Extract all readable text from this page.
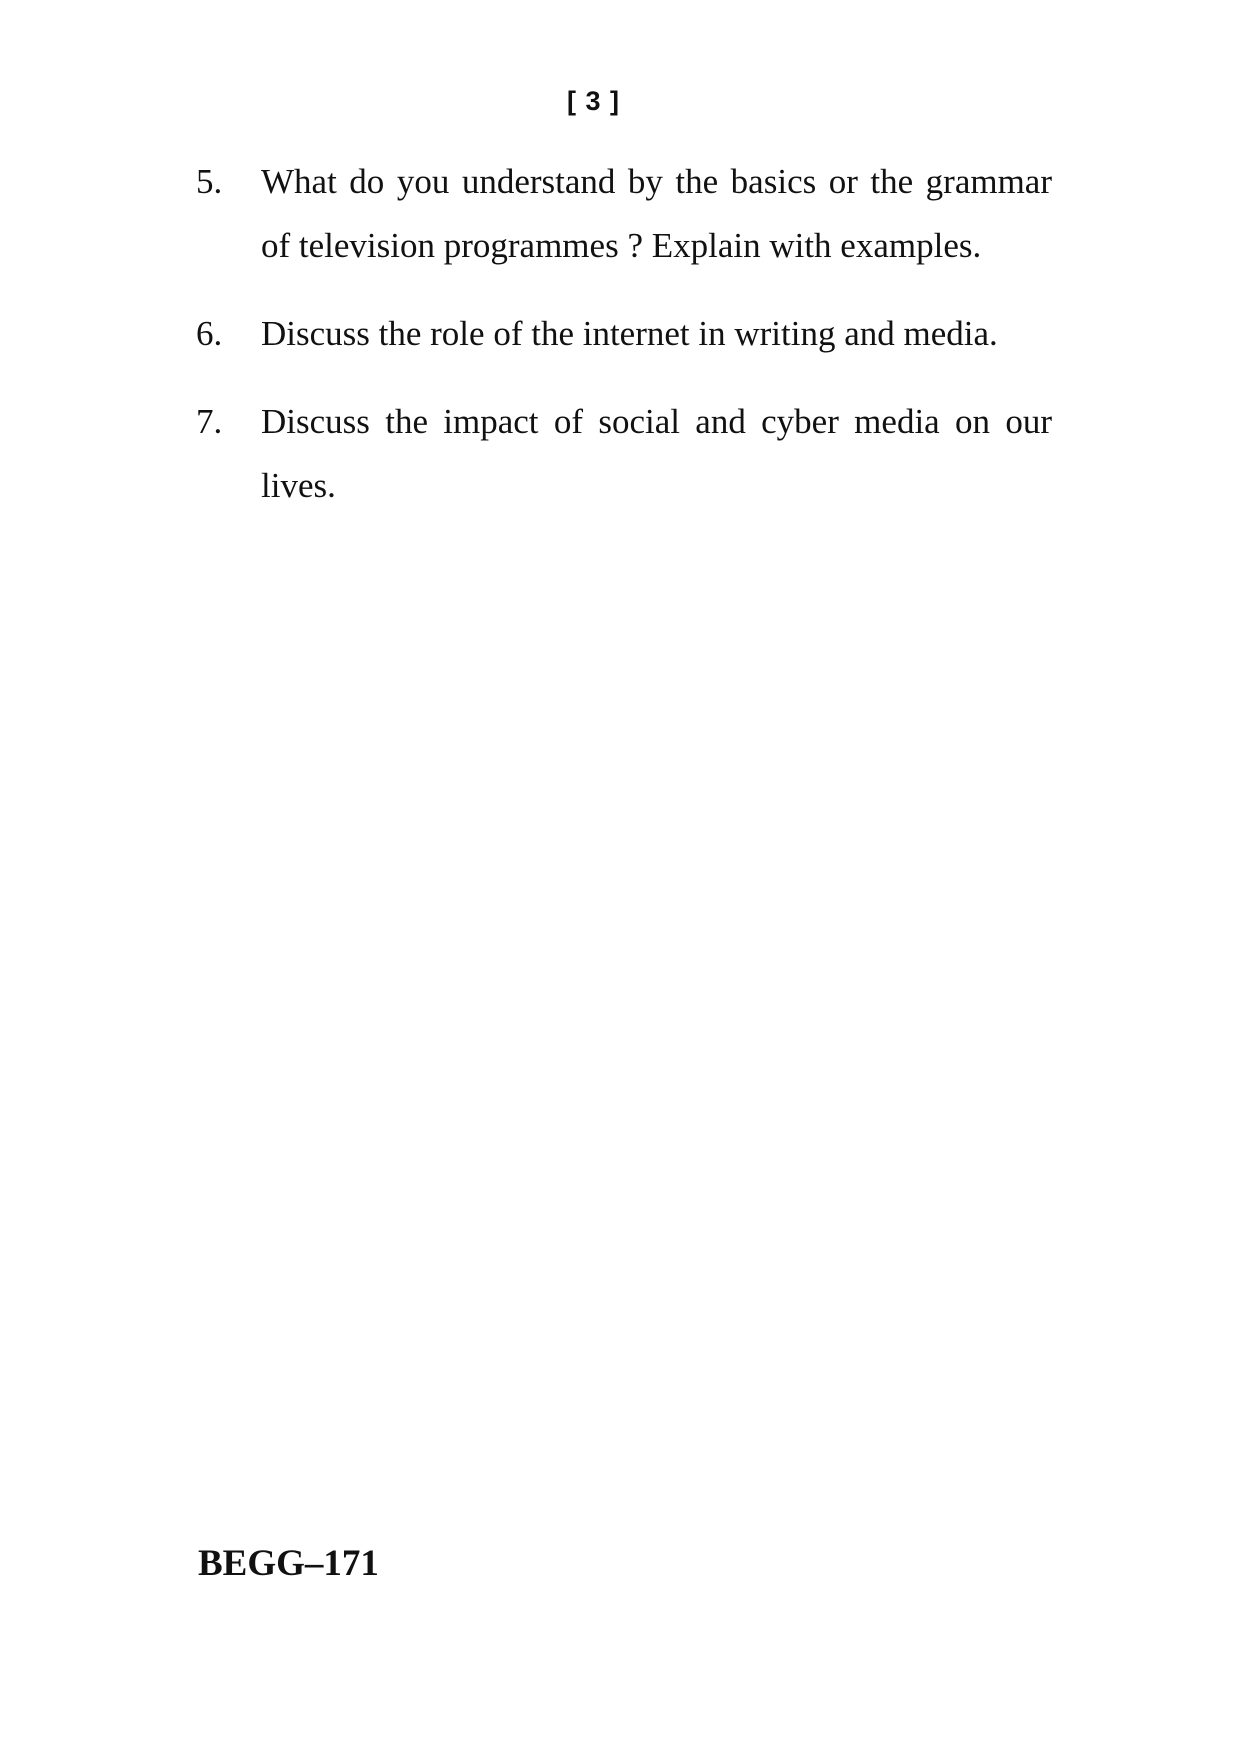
[ 3 ]
5. What do you understand by the basics or the grammar of television programmes ? Explain with examples.
6. Discuss the role of the internet in writing and media.
7. Discuss the impact of social and cyber media on our lives.
BEGG–171
